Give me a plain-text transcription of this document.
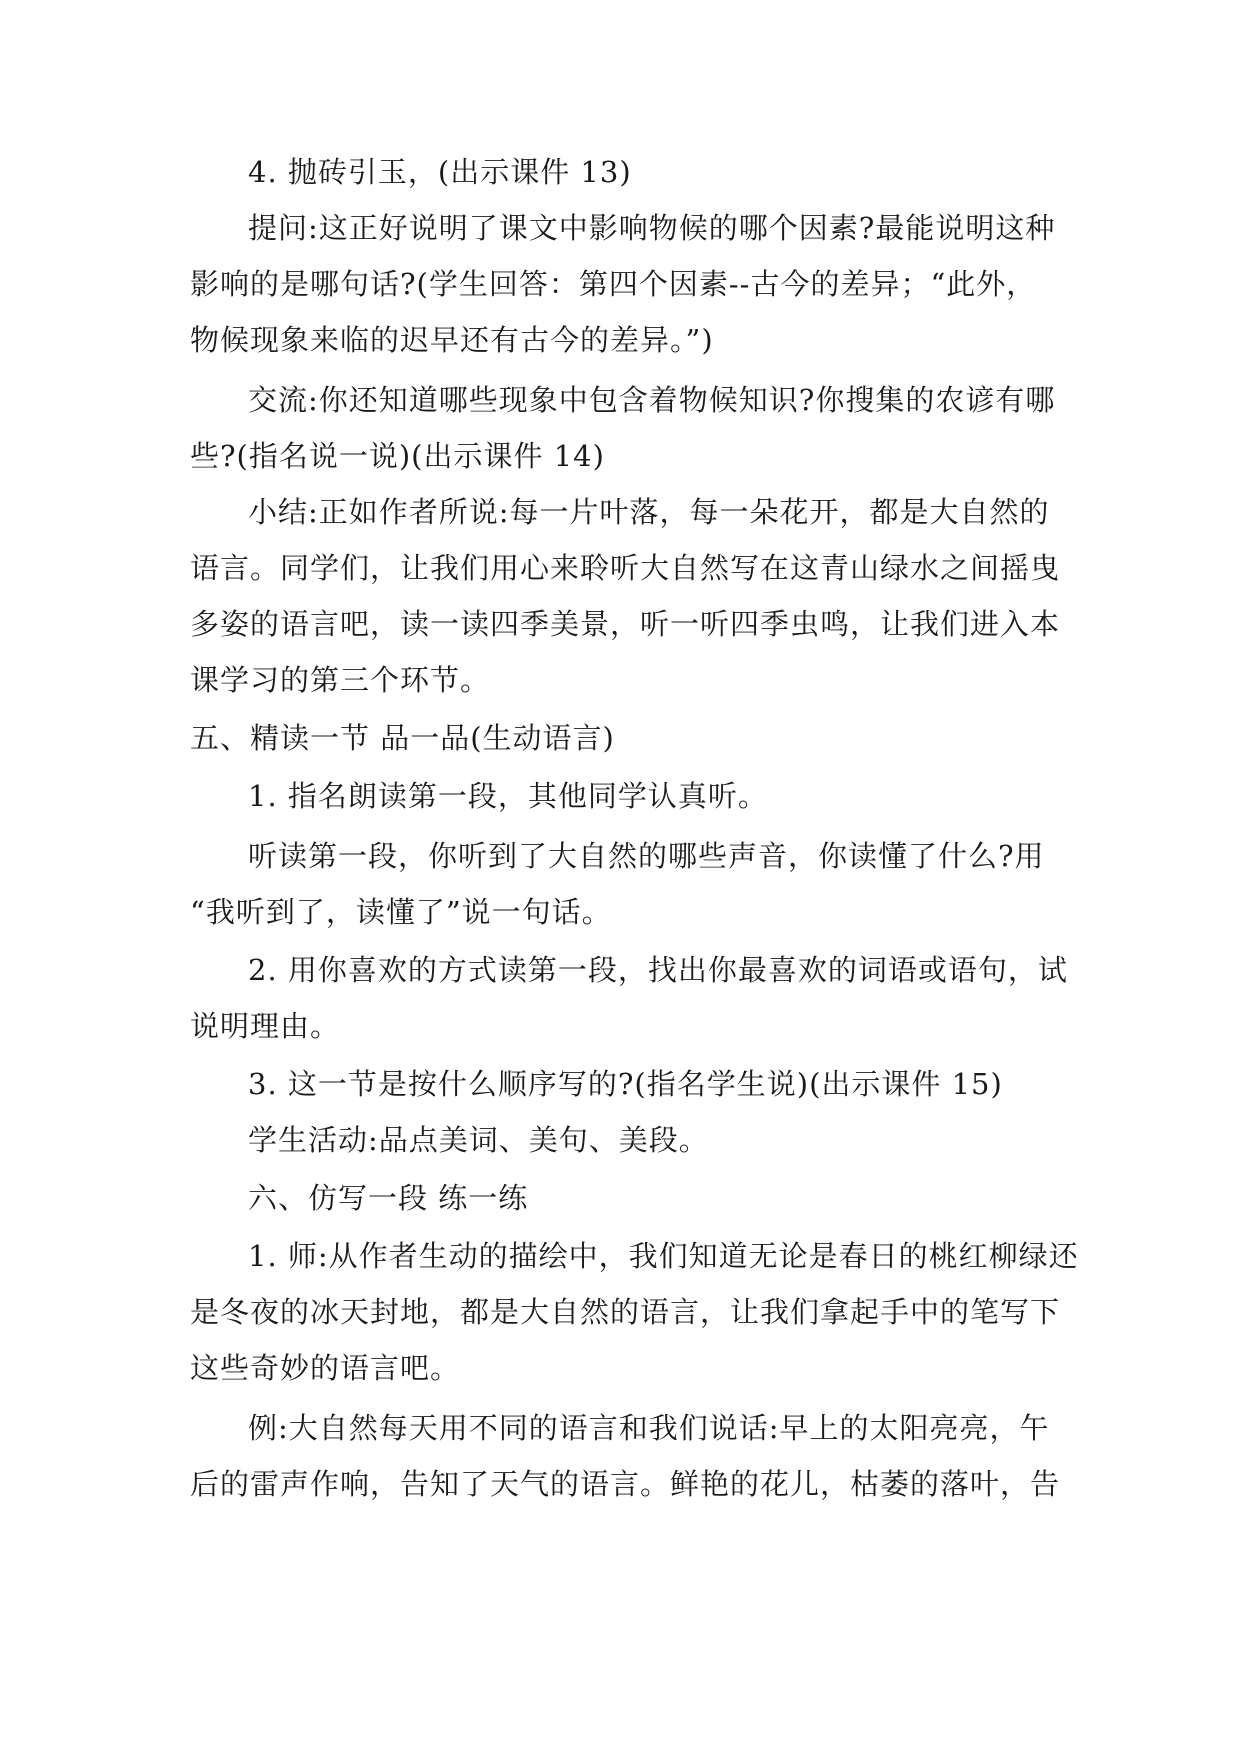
4. 抛砖引玉，(出示课件 13)
提问:这正好说明了课文中影响物候的哪个因素?最能说明这种
影响的是哪句话?(学生回答：第四个因素--古今的差异；“此外，
物候现象来临的迟早还有古今的差异。”)
交流:你还知道哪些现象中包含着物候知识?你搜集的农谚有哪
些?(指名说一说)(出示课件 14)
小结:正如作者所说:每一片叶落，每一朵花开，都是大自然的
语言。同学们，让我们用心来聆听大自然写在这青山绿水之间摇曳
多姿的语言吧，读一读四季美景，听一听四季虫鸣，让我们进入本
课学习的第三个环节。
五、精读一节 品一品(生动语言)
1. 指名朗读第一段，其他同学认真听。
听读第一段，你听到了大自然的哪些声音，你读懂了什么?用
“我听到了，读懂了”说一句话。
2. 用你喜欢的方式读第一段，找出你最喜欢的词语或语句，试
说明理由。
3. 这一节是按什么顺序写的?(指名学生说)(出示课件 15)
学生活动:品点美词、美句、美段。
六、仿写一段 练一练
1. 师:从作者生动的描绘中，我们知道无论是春日的桃红柳绿还
是冬夜的冰天封地，都是大自然的语言，让我们拿起手中的笔写下
这些奇妙的语言吧。
例:大自然每天用不同的语言和我们说话:早上的太阳亮亮，午
后的雷声作响，告知了天气的语言。鲜艳的花儿，枯萎的落叶，告
